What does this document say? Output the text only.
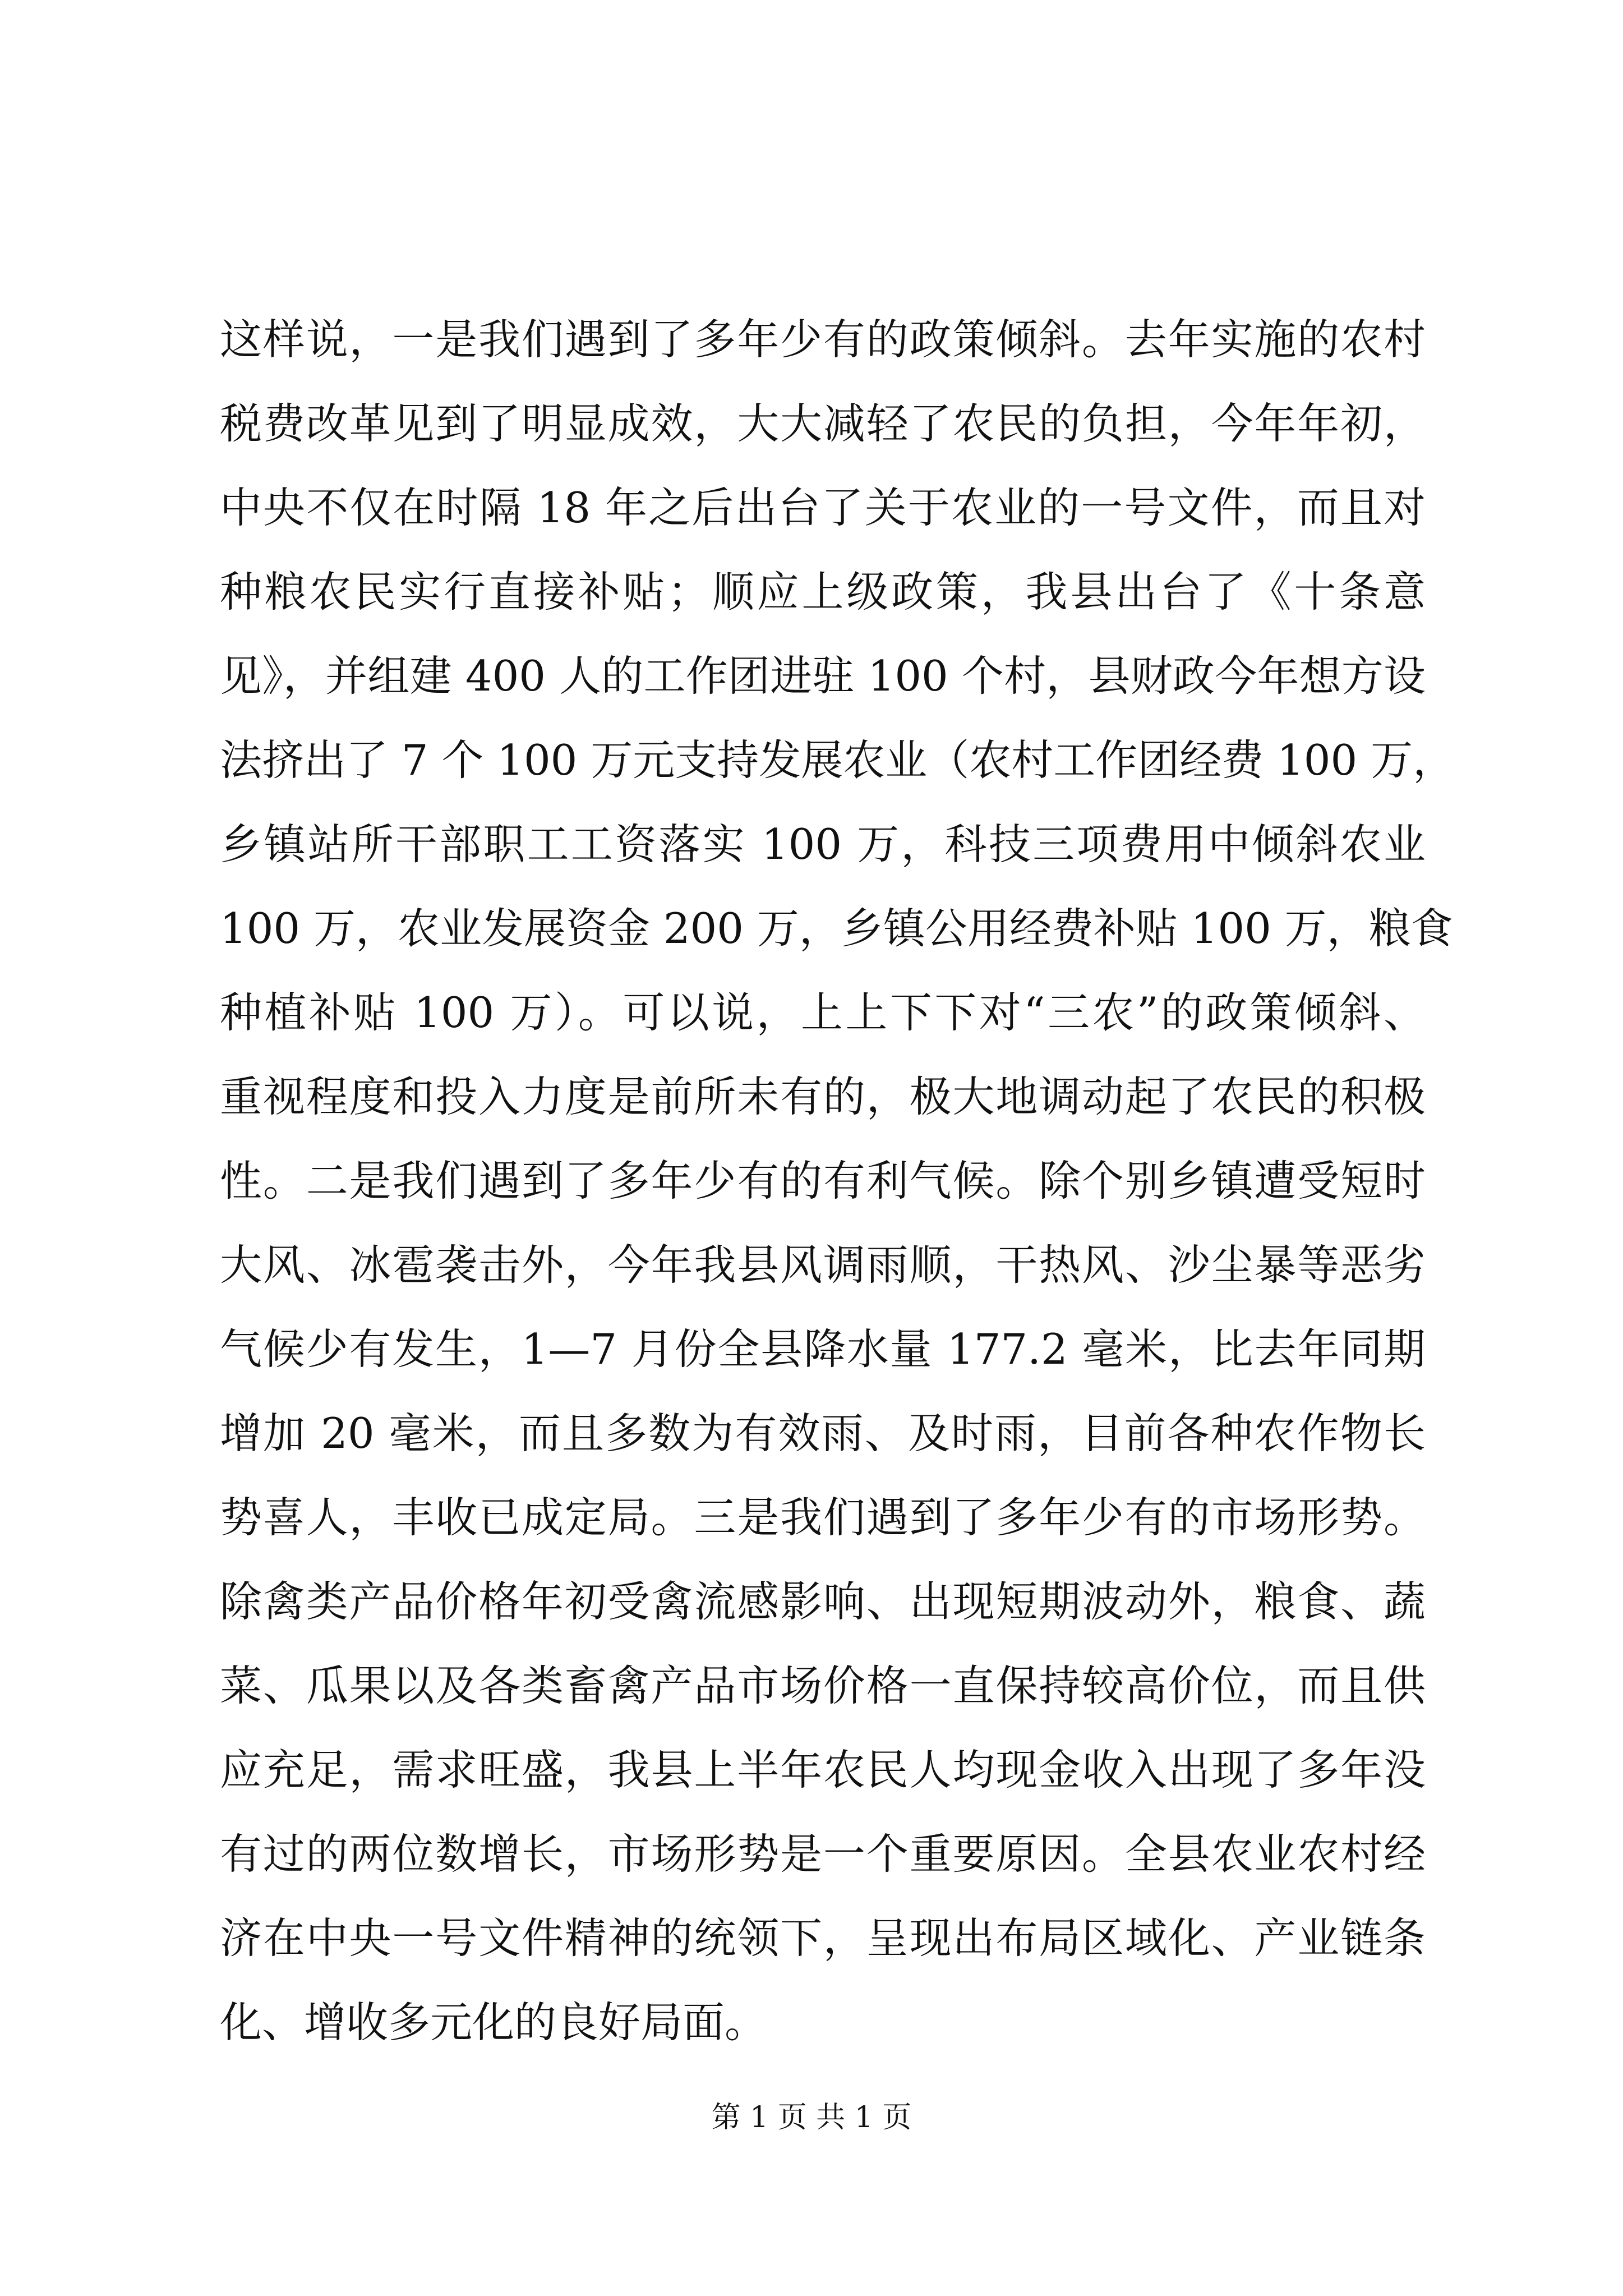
这样说，一是我们遇到了多年少有的政策倾斜。去年实施的农村
税费改革见到了明显成效，大大减轻了农民的负担，今年年初，
中央不仅在时隔 18 年之后出台了关于农业的一号文件，而且对
种粮农民实行直接补贴；顺应上级政策，我县出台了《十条意
见》，并组建 400 人的工作团进驻 100 个村，县财政今年想方设
法挤出了 7 个 100 万元支持发展农业（农村工作团经费 100 万，
乡镇站所干部职工工资落实 100 万，科技三项费用中倾斜农业
100 万，农业发展资金 200 万，乡镇公用经费补贴 100 万，粮食
种植补贴 100 万）。可以说，上上下下对“三农”的政策倾斜、
重视程度和投入力度是前所未有的，极大地调动起了农民的积极
性。二是我们遇到了多年少有的有利气候。除个别乡镇遭受短时
大风、冰雹袭击外，今年我县风调雨顺，干热风、沙尘暴等恶劣
气候少有发生，1—7 月份全县降水量 177.2 毫米，比去年同期
增加 20 毫米，而且多数为有效雨、及时雨，目前各种农作物长
势喜人，丰收已成定局。三是我们遇到了多年少有的市场形势。
除禽类产品价格年初受禽流感影响、出现短期波动外，粮食、蔬
菜、瓜果以及各类畜禽产品市场价格一直保持较高价位，而且供
应充足，需求旺盛，我县上半年农民人均现金收入出现了多年没
有过的两位数增长，市场形势是一个重要原因。全县农业农村经
济在中央一号文件精神的统领下，呈现出布局区域化、产业链条
化、增收多元化的良好局面。
第 1 页 共 1 页
